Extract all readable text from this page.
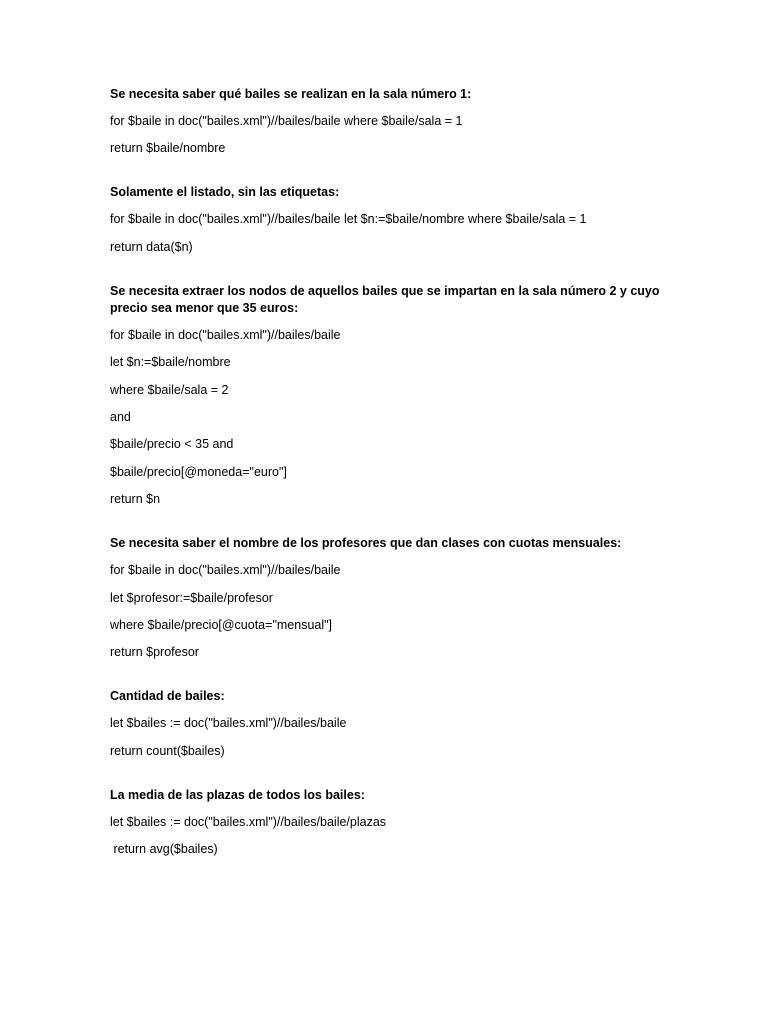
Se necesita saber qué bailes se realizan en la sala número 1:
for $baile in doc("bailes.xml")//bailes/baile where $baile/sala = 1
return $baile/nombre
Solamente el listado, sin las etiquetas:
for $baile in doc("bailes.xml")//bailes/baile let $n:=$baile/nombre where $baile/sala = 1
return data($n)
Se necesita extraer los nodos de aquellos bailes que se impartan en la sala número 2 y cuyo precio sea menor que 35 euros:
for $baile in doc("bailes.xml")//bailes/baile
let $n:=$baile/nombre
where $baile/sala = 2
and
$baile/precio < 35 and
$baile/precio[@moneda="euro"]
return $n
Se necesita saber el nombre de los profesores que dan clases con cuotas mensuales:
for $baile in doc("bailes.xml")//bailes/baile
let $profesor:=$baile/profesor
where $baile/precio[@cuota="mensual"]
return $profesor
Cantidad de bailes:
let $bailes := doc("bailes.xml")//bailes/baile
return count($bailes)
La media de las plazas de todos los bailes:
let $bailes := doc("bailes.xml")//bailes/baile/plazas
return avg($bailes)
